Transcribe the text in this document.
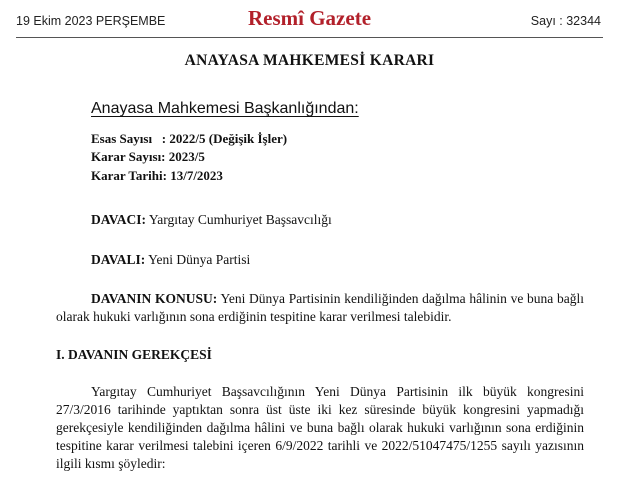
19 Ekim 2023 PERŞEMBE	Resmî Gazete	Sayı : 32344
ANAYASA MAHKEMESİ KARARI
Anayasa Mahkemesi Başkanlığından:
Esas Sayısı   : 2022/5 (Değişik İşler)
Karar Sayısı: 2023/5
Karar Tarihi: 13/7/2023
DAVACI: Yargıtay Cumhuriyet Başsavcılığı
DAVALI: Yeni Dünya Partisi
DAVANIN KONUSU: Yeni Dünya Partisinin kendiliğinden dağılma hâlinin ve buna bağlı olarak hukuki varlığının sona erdiğinin tespitine karar verilmesi talebidir.
I. DAVANIN GEREKÇESİ
Yargıtay Cumhuriyet Başsavcılığının Yeni Dünya Partisinin ilk büyük kongresini 27/3/2016 tarihinde yaptıktan sonra üst üste iki kez süresinde büyük kongresini yapmadığı gerekçesiyle kendiliğinden dağılma hâlini ve buna bağlı olarak hukuki varlığının sona erdiğinin tespitine karar verilmesi talebini içeren 6/9/2022 tarihli ve 2022/51047475/1255 sayılı yazısının ilgili kısmı şöyledir:
